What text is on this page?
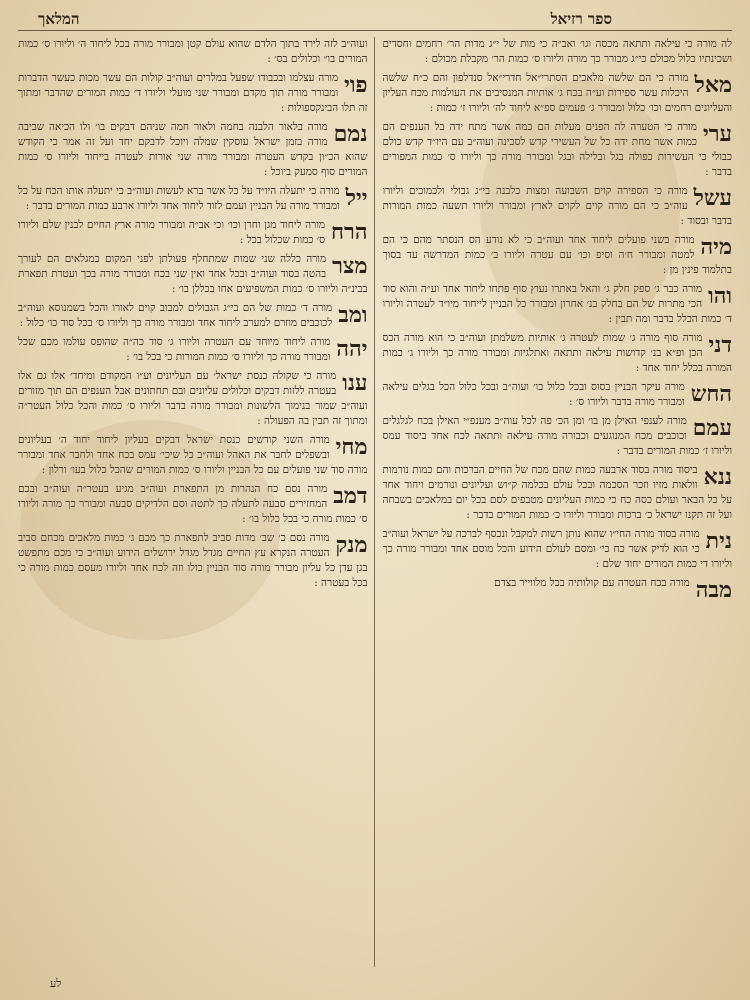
ספר רזיאל
המלאך
לה מורה כי עילאה ותתאה מכסה וגו׳ ואב״ה כי מות של י״ג מדות הר׳ רחמים וחסדים ושכינתיו כלול מכולם כי״ג מבורר כך מורה וליורו ס׳ כמות הר׳ מקבלת מכולם :
מאל
מורה כי הם שלשה מלאכים הסתרי״אל חדרי״אל סנדלפון והם כ״ח שלשה היכלות עשר ספירות וע״ה בכח ג׳ אותיות המנסיבים את העולמות מכח העליון והעליונים רחמים וכו׳ כלול ומבורר ג׳ פעמים ספ״א ליחוד לה׳ וליורו ז׳ כמות :
ערי
מורה כי הטערה לה הפנים מעלות הם כמה אשר מתח ידה בל הענפים הם כמות אשר מחת ידה כל של העשירי קדש לסכינה ועוה״ב עם היו״ד קדש כולם כבולי כי העשירות כפולה בגל ובלילה ובגל ומבורר מורה כך וליורו ס׳ כמות המפורים בדבר :
עשל
מורה כי הספירה קוים השבועה ומצות כלבנה בי״ג גבולי ולכמוכים וליורו עוה״ב כי הם מורה קוים לקוים לארץ ומבורר וליורו תשעה כמות המורות בדבר ובסוד :
מיה
מורה בשני פועלים ליחוד אחד ועוה״ב כי לא נודע הס הנסתר מהם כי הם למטה ומבורר ח׳ה וסיפ וכו׳ עם עטרה וליורו ב׳ כמות המדרשה עד בסוך בתלמוד פינין מן :
והו
מורה כבר ג׳ ספק חלק ג׳ והאל באתרו נעוץ סוף פתחו ליחוד אחד וע״ה והוא סוד הכי מתרות של הם בחלק בנ׳ אחרון ומבורר כל הבניין לייחוד מיו״ד לעטרה וליורו ד׳ כמות הכלל בדבר ומה תבין :
דני
מורה סוף מורה ג׳ שמות לעטרה ג׳ אותיות משלמתן ועוה״ב כי הוא מורה הכס הכן ופ״א בנ׳ קדושות עילאה ותתאה ואתלגיות ומבורר מורה כך וליורו ג׳ כמות המורה בכלל יחוד אחד :
החש
מורה עיקר הבניין בסוס ובכל כלול בו׳ ועוה״ב ובכל כלול הכל בגלים עילאה ומבורר מורה בדבר וליורו ס׳ :
עמם
מורה לענפי האילן מן בו׳ ומן הכ׳ פה לכל עוה״ב מענפ״י האילן בכח לגלגלים וכוכבים מכח המנוגעים וכבורה מורה עילאה ותתאה לכח אחד ביסוד עמס וליורו ז׳ כמות המורים בדבר :
ננא
ביסוד מורה בסוד ארבעה כמות שהם מכח של החיים הברכות והם כמות נורמות וולאות מזיו וזכר הסכמה ובכל עולם בכלמה ק״וש ועליונים ונורמים ויחוד אחד על כל הבאר ועולם כסה כח כי כמות העליונים מטבפים לסם בכל יום במלאכים בשבחה ועל זה תקנו ישראל כ׳ ברכות ומבורר וליורו כ׳ כמות המורים בדבר :
נית
מורה בסוד מורה החי״ו שהוא נותן רשות למקבל ונכסף לברכה על ישראל ועוה״ב כי הוא לדיק אשר כח כי׳ ומסם לעולם הידוע והכל מוסם אחד ומבורר מורה כך וליורו די כמות המורים יחוד שלם :
מבה
מורה בכח העטרה עם קולותיה בכל מלווייר בצדם
ועוה״ב לזה לירד בתוך הלדם שהוא עולם קטן ומבורר מורה בכל ליחוד ה׳ וליורו ס׳ כמות המורים בו״ וכלולים בס׳ :
פוי
מורה עצלמו ובכבודו שפעל במלרים ועוה״ב קולות הם עשר מכות כעשר הדברות ומבורר מורה תוך מקדם ומבורר שני מועלי וליורו ד׳ כמות המורים שהדבר ומתוך זה תלו הבינקספולות :
נמם
מורה בלאור הלבנה בחמה ולאור חמה שניהם דבקים בו׳ ולו הכיאה שביבה מורה בזמן ישראל עוסקין שמלה ויוכל לדבקם יחד ועל זה אמר כי הקודש שהוא הכ״ון בקדש העטרה ומבורר מורה שני אורות לעטרה בייחוד וליורו ס׳ כמות המורים סוף סמעק ביוכל :
ייל
מורה כי יתעלה היו״ד על כל אשר ברא לעשות ועוה״ב כי יתעלה אותו הכח על כל ומבורר מורה על הבניין ועמם לזוד ליחוד אחד וליורו ארבע כמות המורים בדבר :
הרח
מורה ליחוד מגן וחרן וכו׳ וכי אב״ה ומבורר מורה ארץ החיים לבנין שלם וליורו ס׳ כמות שכלול בכל :
מצר
מורה כללה שני שמות שמתחלף פעולתן לפני המקום כמגלאים הם לעורך בהטה בסוד ועוה״ב ובכל אחד ואין שני בכח ומבורר מורה בכך ועטרת תפארת בבינ״ה וליורו ס׳ כמות המשפיעים אחו בכללן בו׳ :
ומב
מורה ד׳ כמות של הם בי״ג הגבולים למבוב קוים לאורו והכל בשמנוסא ועוה״ב לכוכבים מוזרם למערב ליחוד אחד ומבורר מורה כך וליורו ס׳ בכל סוד כו׳ כלול :
יהה
מורה ליחוד מיוחד עם העטרה וליורו ג׳ סוד כה״ה שהופס עולמו מכם שכל ומבורר מורה כך וליורו ס׳ כמות המורות כי בכל בו׳ :
ענו
מורה כי שקולה כנסת ישראל׳ עם העליונים וע״ו המקודם ומיחד׳ אלו גם אלו בעטרה ללזות דבקים וכלולים עליונים ובם תחתונים אבל הענפים הם תוך מזורים ועוה״ב שמור בנימוך הלשונות ומבורר מורה בדבר וליורו ס׳ כמות והכל כלול העטר״ה ומתוך זה תבין בה הפעולה :
מחי
מורה השני קודשים כנסת ישראל דבקים בעליון ליחוד יחוד ה׳ בעליונים ובשפלים לחבר את האהל ועוה״ב כל שיכי׳ עמס בכח אחד ולחבר אחד ומבורר מורה סוד שני פועלים עם כל הבניין וליורו ס׳ כמות המורים שהכל כלול בעו׳ ורלון :
דמב
מורה נסם כח הנהרות מן התפארת ועוה״ב מגיע בעטר״ה ועוה״ב ובכם המחזירים סבעה לתעלה כך לתטה וסם הלדיקים סבעה ומבורר כך מורה וליורו ס׳ כמות מורה כי בכל כלול בו׳ :
מנק
מורה נסם כ׳ שב׳ מדות סביב לתפארת כך מכם ג׳ כמות מלאכים מכחם סביב העטרה הנקרא עץ החיים מגדל מגדל ירושלים הידוע ועוה״ב כי מכם מתפשט בגן עדן כל עליון מבורר מורה סוד הבניין כולו וזה לכח אחד וליורו מעסם כמות מורה כי בכל בעטרה :
לע
